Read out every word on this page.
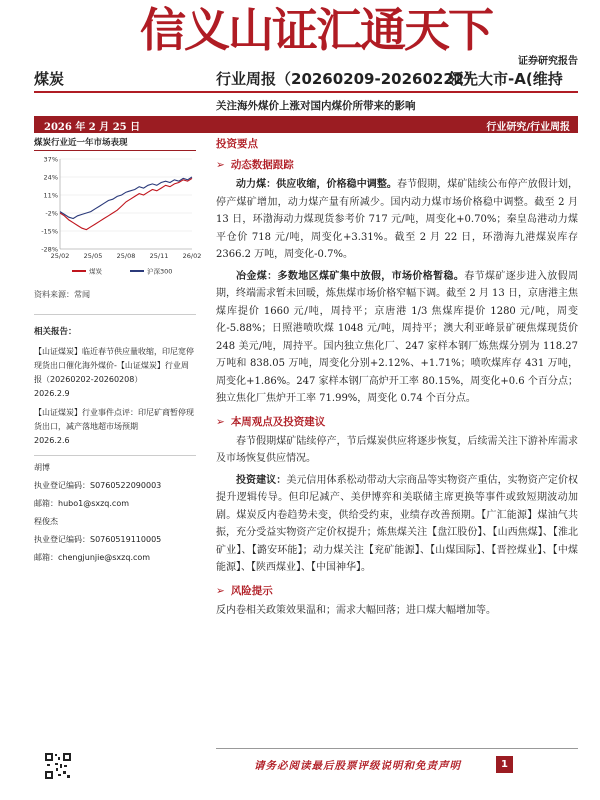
信义山证汇通天下
证券研究报告
煤炭	行业周报（20260209-20260222）
领先大市-A(维持
关注海外煤价上涨对国内煤价所带来的影响
2026 年 2 月 25 日	行业研究/行业周报
煤炭行业近一年市场表现
37%
24%
11%
-2%
-15%
-28%
25/02 25/05 25/08 25/11 26/02
煤炭	沪深300
资料来源：常闻
相关报告：
【山证煤炭】临近春节供应量收缩，印尼宽停现货出口催化海外煤价-【山证煤炭】行业周报（20260202-20260208）
2026.2.9
【山证煤炭】行业事件点评：印尼矿商暂停现货出口，减产落地超市场预期
2026.2.6
胡博
执业登记编码：S0760522090003
邮箱：hubo1@sxzq.com
程俊杰
执业登记编码：S0760519110005
邮箱：chengjunjie@sxzq.com
投资要点
➢ 动态数据跟踪
动力煤：供应收缩，价格稳中调整。春节假期，煤矿陆续公布停产放假计划，停产煤矿增加，动力煤产量有所减少。国内动力煤市场价格稳中调整。截至 2 月 13 日，环渤海动力煤现货参考价 717 元/吨，周变化+0.70%；秦皇岛港动力煤平仓价 718 元/吨，周变化+3.31%。截至 2 月 22 日，环渤海九港煤炭库存 2366.2 万吨，周变化-0.7%。
冶金煤：多数地区煤矿集中放假，市场价格暂稳。春节煤矿逐步进入放假周期，终端需求暂未回暖，炼焦煤市场价格窄幅下调。截至 2 月 13 日，京唐港主焦煤库提价 1660 元/吨，周持平；京唐港 1/3 焦煤库提价 1280 元/吨，周变化-5.88%；日照港喷吹煤 1048 元/吨，周持平；澳大利亚峰景矿硬焦煤现货价 248 美元/吨，周持平。国内独立焦化厂、247 家样本钢厂炼焦煤分别为 118.27 万吨和 838.05 万吨，周变化分别+2.12%、+1.71%；喷吹煤库存 431 万吨，周变化+1.86%。247 家样本钢厂高炉开工率 80.15%，周变化+0.6 个百分点；独立焦化厂焦炉开工率 71.99%，周变化 0.74 个百分点。
➢ 本周观点及投资建议
春节假期煤矿陆续停产，节后煤炭供应将逐步恢复，后续需关注下游补库需求及市场恢复供应情况。
投资建议：美元信用体系松动带动大宗商品等实物资产重估，实物资产定价权提升逻辑传导。但印尼减产、美伊博弈和美联储主席更换等事件或致短期波动加剧。煤炭反内卷趋势未变，供给受约束，业绩存改善预期。【广汇能源】煤油气共振，充分受益实物资产定价权提升；炼焦煤关注【盘江股份】、【山西焦煤】、【淮北矿业】、【潞安环能】；动力煤关注【兖矿能源】、【山煤国际】、【晋控煤业】、【中煤能源】、【陕西煤业】、【中国神华】。
➢ 风险提示
反内卷相关政策效果温和；需求大幅回落；进口煤大幅增加等。
请务必阅读最后股票评级说明和免责声明	1
